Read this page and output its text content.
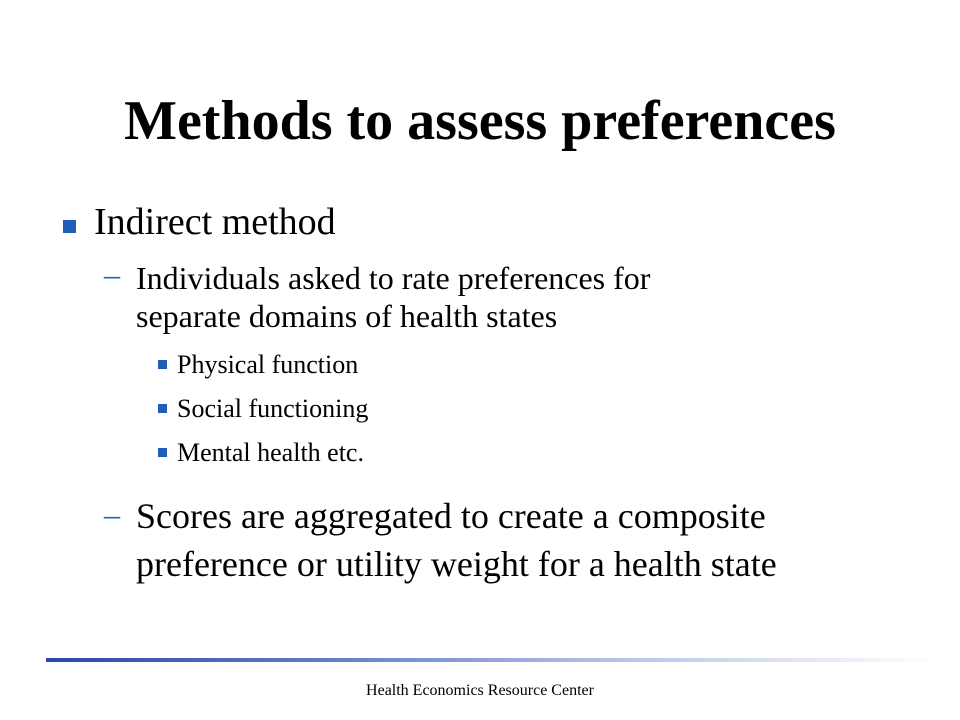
Methods to assess preferences
Indirect method
– Individuals asked to rate preferences for
separate domains of health states
Physical function
Social functioning
Mental health etc.
– Scores are aggregated to create a composite
preference or utility weight for a health state
Health Economics Resource Center
